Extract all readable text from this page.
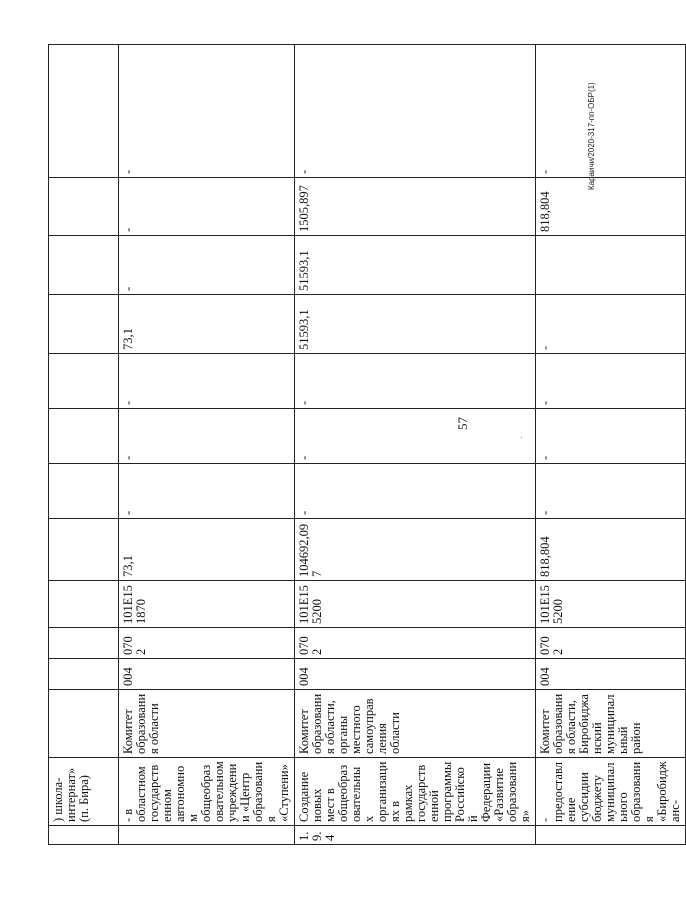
57
Караичи/2020-317-пп-ОБР(1)
	) школа-интернат» (п. Бира)												
	- в областном государственном автономном общеобразовательном учреждении «Центр образования «Ступени»	Комитет образования области	004	0702	101E15 1870	73,1	-	-	-	73,1	-	-	-
1.9.4	Создание новых мест в общеобразовательных организациях в рамках государственной программы Российской Федерации «Развитие образования»	Комитет образования области, органы местного самоуправления области	004	0702	101E15 5200	104692,097	-	-	-	51593,1	51593,1	1505,897	-
	- предоставление субсидии бюджету муниципального образования «Биробиджанс-	Комитет образования области, Биробиджанский муниципальный район	004	0702	101E15 5200	818,804	-	-	-	-		818,804	-
